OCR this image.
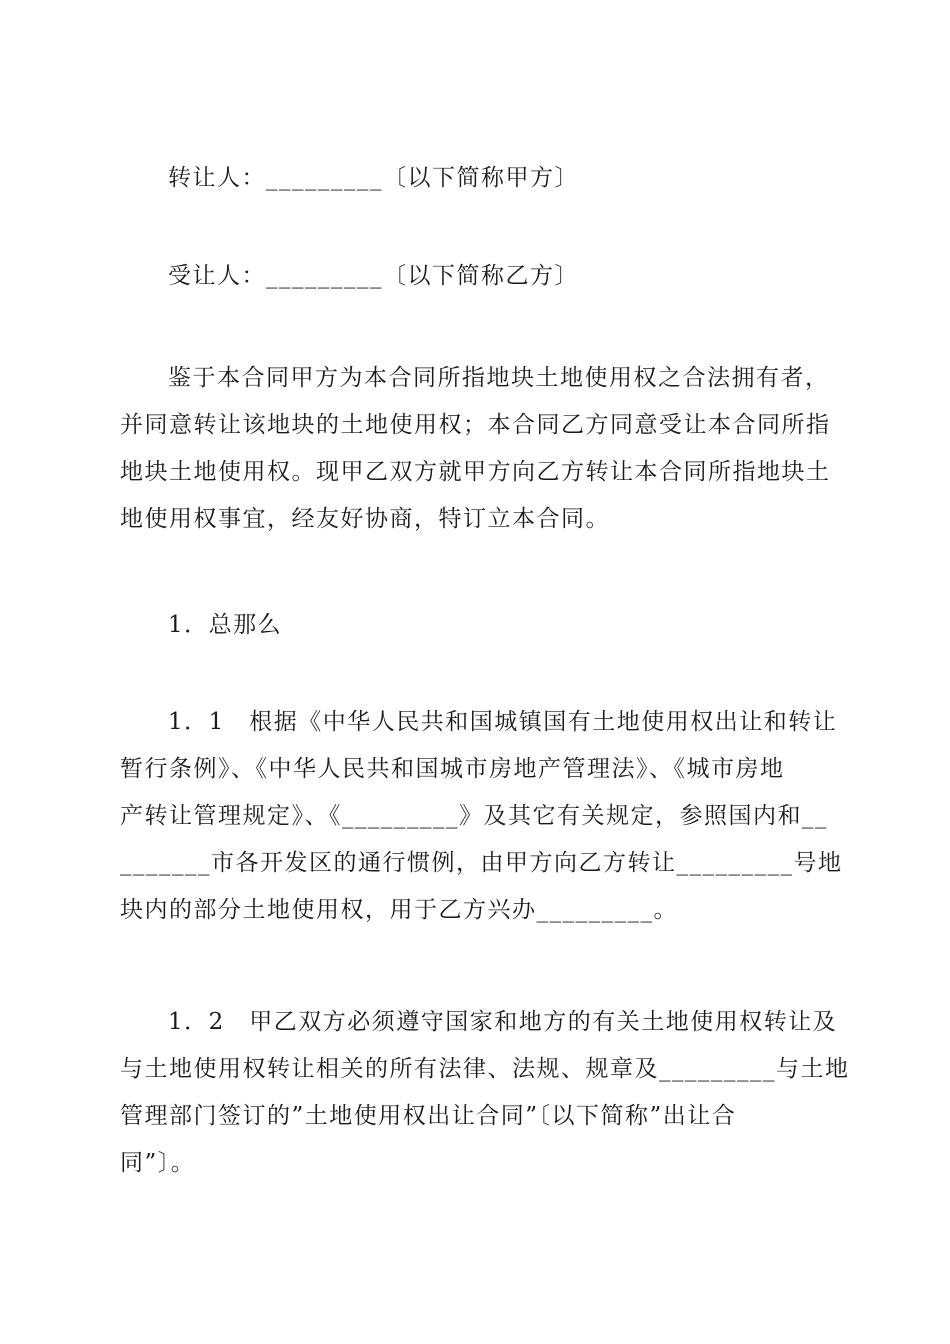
转让人：_________〔以下简称甲方〕
受让人：_________〔以下简称乙方〕
鉴于本合同甲方为本合同所指地块土地使用权之合法拥有者，
并同意转让该地块的土地使用权；本合同乙方同意受让本合同所指
地块土地使用权。现甲乙双方就甲方向乙方转让本合同所指地块土
地使用权事宜，经友好协商，特订立本合同。
1．总那么
1．1　根据《中华人民共和国城镇国有土地使用权出让和转让
暂行条例》、《中华人民共和国城市房地产管理法》、《城市房地
产转让管理规定》、《_________》及其它有关规定，参照国内和__
_______市各开发区的通行惯例，由甲方向乙方转让_________号地
块内的部分土地使用权，用于乙方兴办_________。
1．2　甲乙双方必须遵守国家和地方的有关土地使用权转让及
与土地使用权转让相关的所有法律、法规、规章及_________与土地
管理部门签订的”土地使用权出让合同”〔以下简称”出让合
同”〕。
